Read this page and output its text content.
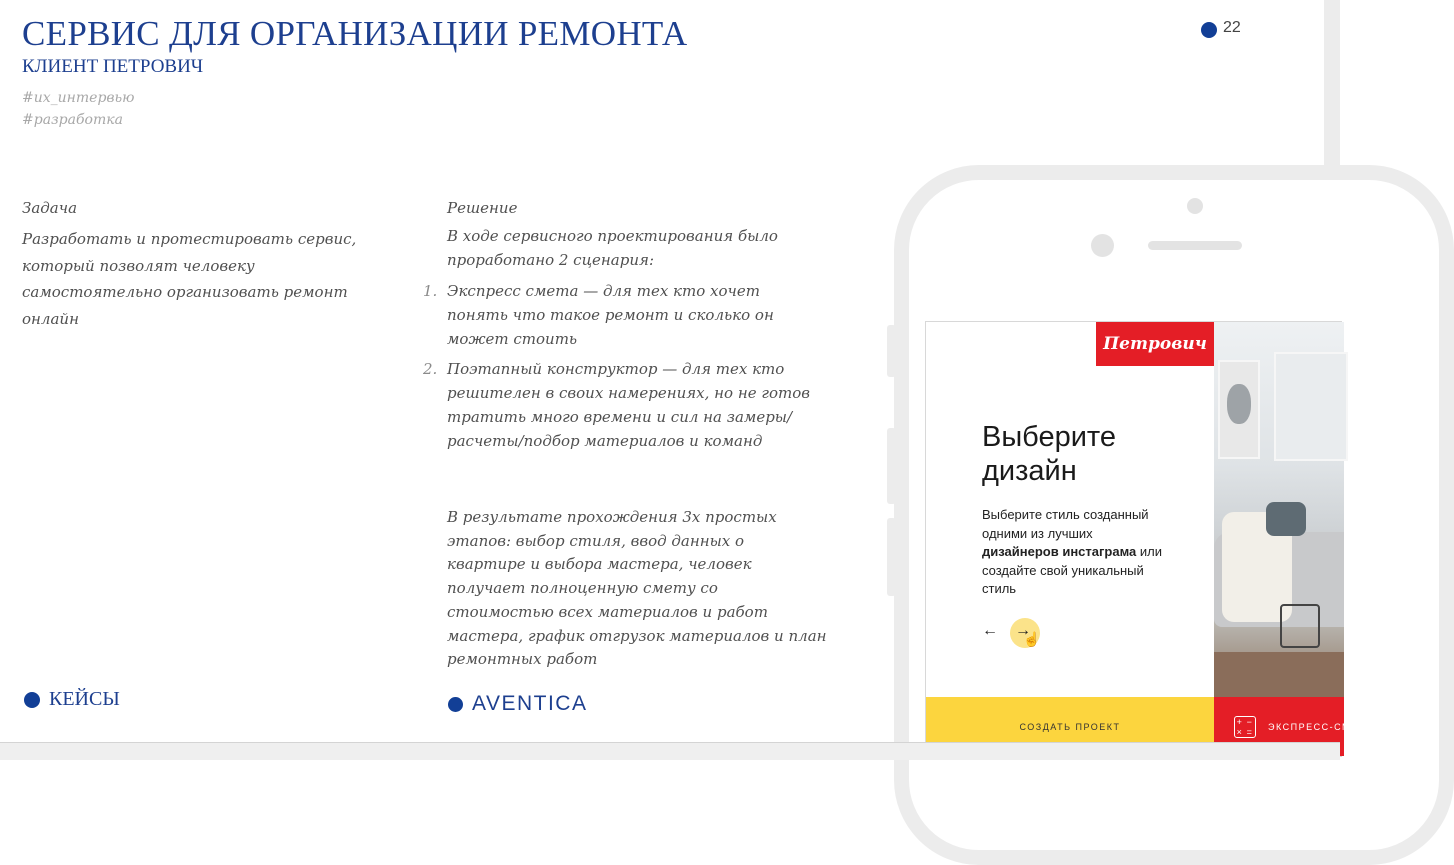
СЕРВИС ДЛЯ ОРГАНИЗАЦИИ РЕМОНТА
КЛИЕНТ ПЕТРОВИЧ
#ux_интервью
#разработка
22
Задача
Разработать и протестировать сервис, который позволят человеку самостоятельно организовать ремонт онлайн
Решение
В ходе сервисного проектирования было проработано 2 сценария:
1. Экспресс смета — для тех кто хочет понять что такое ремонт и сколько он может стоить
2. Поэтапный конструктор — для тех кто решителен в своих намерениях, но не готов тратить много времени и сил на замеры/расчеты/подбор материалов и команд
В результате прохождения 3х простых этапов: выбор стиля, ввод данных о квартире и выбора мастера, человек получает полноценную смету со стоимостью всех материалов и работ мастера, график отгрузок материалов и план ремонтных работ
КЕЙСЫ	AVENTICA
Петрович
Выберите
дизайн
Выберите стиль созданный одними из лучших дизайнеров инстаграма или создайте свой уникальный стиль
← →
☝
СОЗДАТЬ ПРОЕКТ	+ −
× = ЭКСПРЕСС-СМЕТА
